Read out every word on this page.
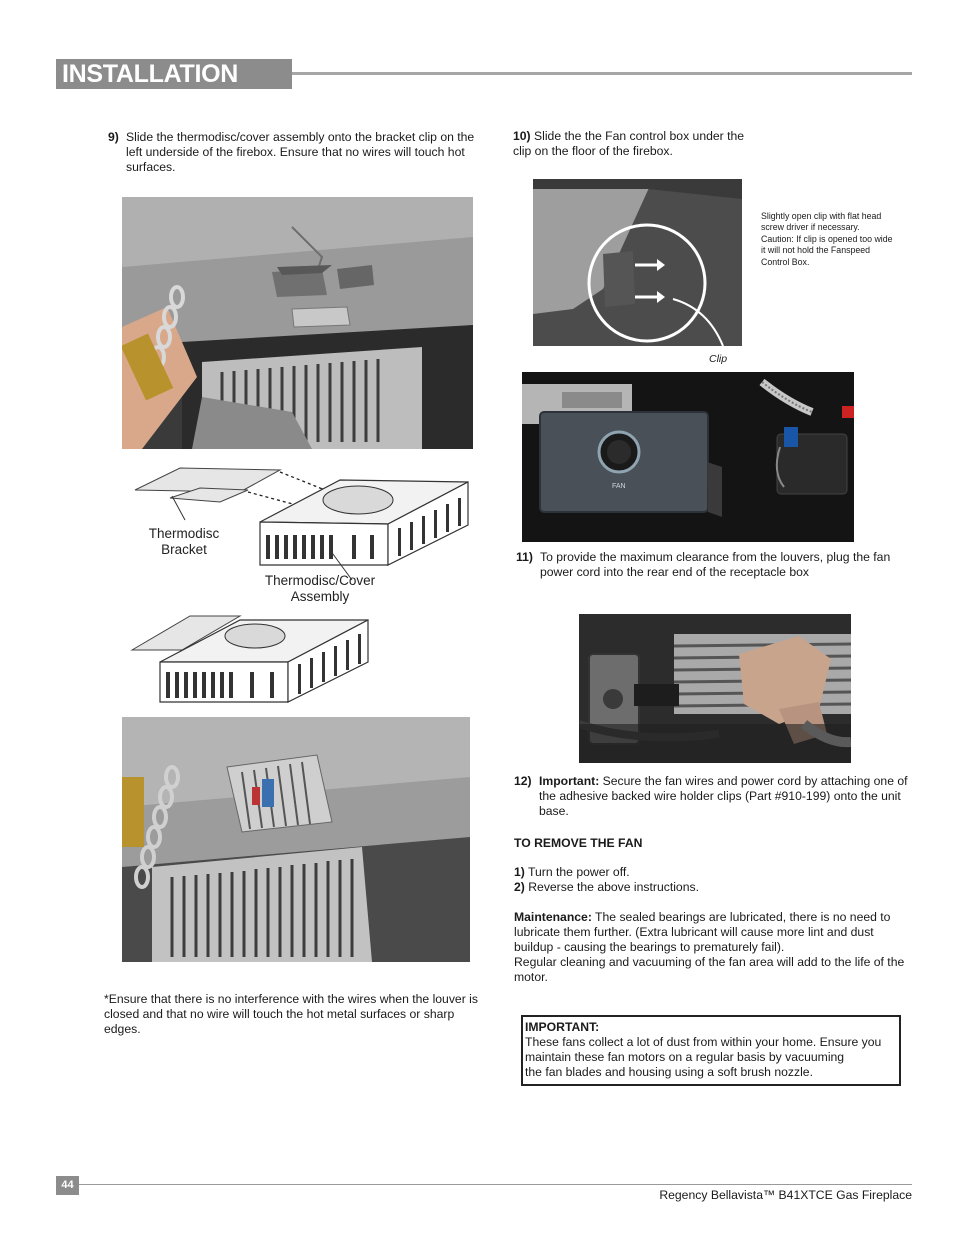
INSTALLATION
9) Slide the thermodisc/cover assembly onto the bracket clip on the left underside of the firebox. Ensure that no wires will touch hot surfaces.
Thermodisc
Bracket
Thermodisc/Cover
Assembly
*Ensure that there is no interference with the wires when the louver is closed and that no wire will touch the hot metal surfaces or sharp edges.
10) Slide the the Fan control box under the clip on the floor of the firebox.
Slightly open clip with flat head
screw driver if necessary.
Caution: If clip is opened too wide
it will not hold the Fanspeed
Control Box.
Clip
FAN
11) To provide the maximum clearance from the louvers, plug the fan power cord into the rear end of the receptacle box
12) Important: Secure the fan wires and power cord by attaching one of the adhesive backed wire holder clips (Part #910-199) onto the unit base.
TO REMOVE THE FAN
1) Turn the power off.
2) Reverse the above instructions.
Maintenance: The sealed bearings are lubricated, there is no need to lubricate them further. (Extra lubricant will cause more lint and dust buildup - causing the bearings to prematurely fail).
Regular cleaning and vacuuming of the fan area will add to the life of the motor.
IMPORTANT:
These fans collect a lot of dust from within your home. Ensure you
maintain these fan motors on a regular basis by vacuuming
the fan blades and housing using a soft brush nozzle.
44
Regency Bellavista™ B41XTCE Gas Fireplace
